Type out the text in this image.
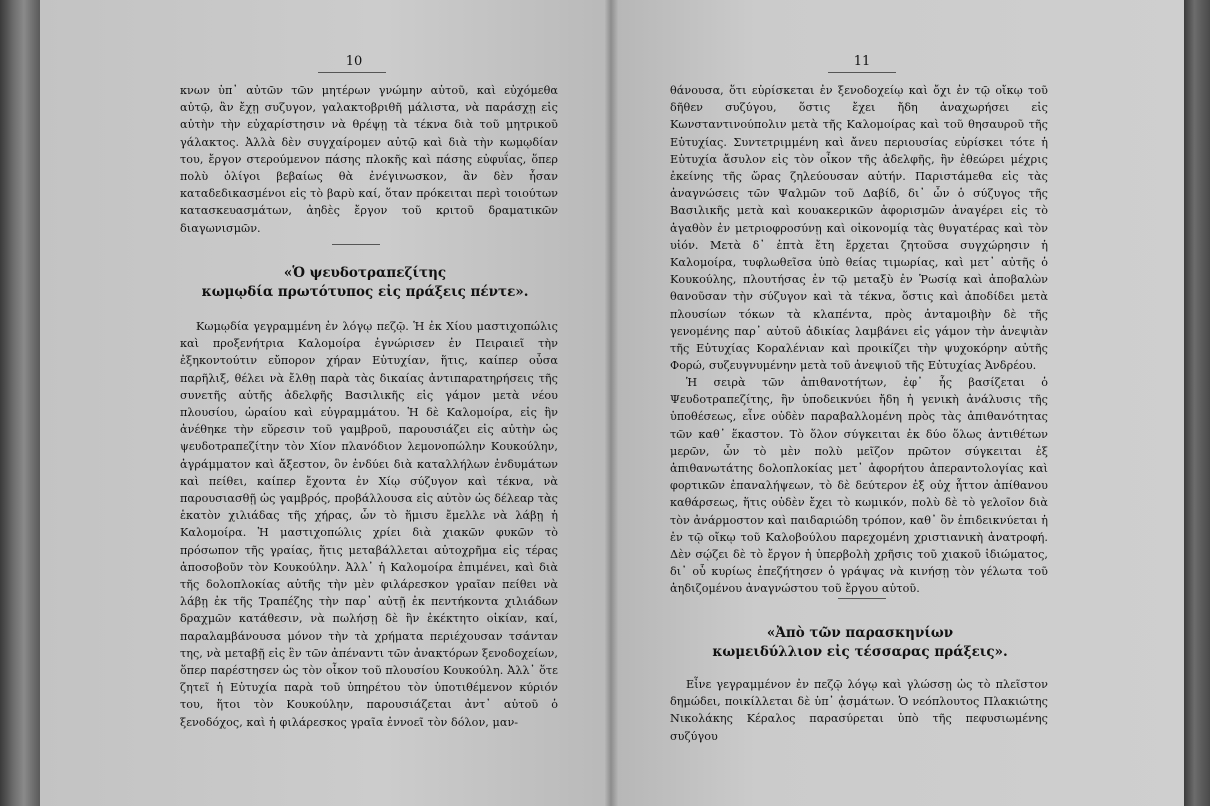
10

κνων ὑπ᾿ αὐτῶν τῶν μητέρων γνώμην αὐτοῦ, καὶ εὐχόμεθα αὐτῷ, ἂν ἔχῃ συζυγον, γαλακτοβριθῆ μάλιστα, νὰ παράσχῃ εἰς αὐτὴν τὴν εὐχαρίστησιν νὰ θρέψῃ τὰ τέκνα διὰ τοῦ μητρικοῦ γάλακτος. Ἀλλὰ δὲν συγχαίρομεν αὐτῷ καὶ διὰ τὴν κωμῳδίαν του, ἔργον στερούμενον πάσης πλοκῆς καὶ πάσης εὐφυΐας, ὅπερ πολὺ ὀλίγοι βεβαίως θὰ ἐνέγινωσκον, ἂν δὲν ἦσαν καταδεδικασμένοι εἰς τὸ βαρὺ καί, ὅταν πρόκειται περὶ τοιούτων κατασκευασμάτων, ἀηδὲς ἔργον τοῦ κριτοῦ δραματικῶν διαγωνισμῶν.

«Ὁ ψευδοτραπεζίτης
κωμῳδία πρωτότυπος εἰς πράξεις πέντε».

Κωμῳδία γεγραμμένη ἐν λόγῳ πεζῷ. Ἡ ἐκ Χίου μαστιχοπώλις καὶ προξενήτρια Καλομοίρα ἐγνώρισεν ἐν Πειραιεῖ τὴν ἐξηκοντούτιν εὔπορον χήραν Εὐτυχίαν, ἥτις, καίπερ οὖσα παρῆλιξ, θέλει νὰ ἔλθῃ παρὰ τὰς δικαίας ἀντιπαρατηρήσεις τῆς συνετῆς αὐτῆς ἀδελφῆς Βασιλικῆς εἰς γάμον μετὰ νέου πλουσίου, ὡραίου καὶ εὐγραμμάτου. Ἡ δὲ Καλομοίρα, εἰς ἣν ἀνέθηκε τὴν εὕρεσιν τοῦ γαμβροῦ, παρουσιάζει εἰς αὐτὴν ὡς ψευδοτραπεζίτην τὸν Χίον πλανόδιον λεμονοπώλην Κουκούλην, ἀγράμματον καὶ ἄξεστον, ὃν ἐνδύει διὰ καταλλήλων ἐνδυμάτων καὶ πείθει, καίπερ ἔχοντα ἐν Χίῳ σύζυγον καὶ τέκνα, νὰ παρουσιασθῇ ὡς γαμβρός, προβάλλουσα εἰς αὐτὸν ὡς δέλεαρ τὰς ἑκατὸν χιλιάδας τῆς χήρας, ὧν τὸ ἥμισυ ἔμελλε νὰ λάβῃ ἡ Καλομοίρα. Ἡ μαστιχοπώλις χρίει διὰ χιακῶν φυκῶν τὸ πρόσωπον τῆς γραίας, ἥτις μεταβάλλεται αὐτοχρῆμα εἰς τέρας ἀποσοβοῦν τὸν Κουκούλην. Ἀλλ᾿ ἡ Καλομοίρα ἐπιμένει, καὶ διὰ τῆς δολοπλοκίας αὐτῆς τὴν μὲν φιλάρεσκον γραῖαν πείθει νὰ λάβῃ ἐκ τῆς Τραπέζης τὴν παρ᾿ αὐτῇ ἐκ πεντήκοντα χιλιάδων δραχμῶν κατάθεσιν, νὰ πωλήσῃ δὲ ἣν ἐκέκτητο οἰκίαν, καί, παραλαμβάνουσα μόνον τὴν τὰ χρήματα περιέχουσαν τσάνταν της, νὰ μεταβῇ εἰς ἓν τῶν ἀπέναντι τῶν ἀνακτόρων ξενοδοχείων, ὅπερ παρέστησεν ὡς τὸν οἶκον τοῦ πλουσίου Κουκούλη. Ἀλλ᾿ ὅτε ζητεῖ ἡ Εὐτυχία παρὰ τοῦ ὑπηρέτου τὸν ὑποτιθέμενον κύριόν του, ἥτοι τὸν Κουκούλην, παρουσιάζεται ἀντ᾿ αὐτοῦ ὁ ξενοδόχος, καὶ ἡ φιλάρεσκος γραῖα ἐννοεῖ τὸν δόλον, μαν-

11

θάνουσα, ὅτι εὑρίσκεται ἐν ξενοδοχείῳ καὶ ὄχι ἐν τῷ οἴκῳ τοῦ δῆθεν συζύγου, ὅστις ἔχει ἤδη ἀναχωρήσει εἰς Κωνσταντινούπολιν μετὰ τῆς Καλομοίρας καὶ τοῦ θησαυροῦ τῆς Εὐτυχίας. Συντετριμμένη καὶ ἄνευ περιουσίας εὑρίσκει τότε ἡ Εὐτυχία ἄσυλον εἰς τὸν οἶκον τῆς ἀδελφῆς, ἣν ἐθεώρει μέχρις ἐκείνης τῆς ὥρας ζηλεύουσαν αὐτήν. Παριστάμεθα εἰς τὰς ἀναγνώσεις τῶν Ψαλμῶν τοῦ Δαβίδ, δι᾿ ὧν ὁ σύζυγος τῆς Βασιλικῆς μετὰ καὶ κουακερικῶν ἀφορισμῶν ἀναγέρει εἰς τὸ ἀγαθὸν ἐν μετριοφροσύνῃ καὶ οἰκονομίᾳ τὰς θυγατέρας καὶ τὸν υἱόν. Μετὰ δ᾿ ἑπτὰ ἔτη ἔρχεται ζητοῦσα συγχώρησιν ἡ Καλομοίρα, τυφλωθεῖσα ὑπὸ θείας τιμωρίας, καὶ μετ᾿ αὐτῆς ὁ Κουκούλης, πλουτήσας ἐν τῷ μεταξὺ ἐν Ῥωσίᾳ καὶ ἀποβαλὼν θανοῦσαν τὴν σύζυγον καὶ τὰ τέκνα, ὅστις καὶ ἀποδίδει μετὰ πλουσίων τόκων τὰ κλαπέντα, πρὸς ἀνταμοιβὴν δὲ τῆς γενομένης παρ᾿ αὐτοῦ ἀδικίας λαμβάνει εἰς γάμον τὴν ἀνεψιὰν τῆς Εὐτυχίας Κοραλένιαν καὶ προικίζει τὴν ψυχοκόρην αὐτῆς Φορώ, συζευγνυμένην μετὰ τοῦ ἀνεψιοῦ τῆς Εὐτυχίας Ἀνδρέου.

Ἡ σειρὰ τῶν ἀπιθανοτήτων, ἐφ᾿ ἧς βασίζεται ὁ Ψευδοτραπεζίτης, ἣν ὑποδεικνύει ἤδη ἡ γενικὴ ἀνάλυσις τῆς ὑποθέσεως, εἶνε οὐδὲν παραβαλλομένη πρὸς τὰς ἀπιθανότητας τῶν καθ᾿ ἕκαστον. Τὸ ὅλον σύγκειται ἐκ δύο ὅλως ἀντιθέτων μερῶν, ὧν τὸ μὲν πολὺ μεῖζον πρῶτον σύγκειται ἐξ ἀπιθανωτάτης δολοπλοκίας μετ᾿ ἀφορήτου ἀπεραντολογίας καὶ φορτικῶν ἐπαναλήψεων, τὸ δὲ δεύτερον ἐξ οὐχ ἧττον ἀπίθανου καθάρσεως, ἥτις οὐδὲν ἔχει τὸ κωμικόν, πολὺ δὲ τὸ γελοῖον διὰ τὸν ἀνάρμοστον καὶ παιδαριώδη τρόπον, καθ᾿ ὃν ἐπιδεικνύεται ἡ ἐν τῷ οἴκῳ τοῦ Καλοβούλου παρεχομένη χριστιανικὴ ἀνατροφή. Δὲν σῴζει δὲ τὸ ἔργον ἡ ὑπερβολὴ χρῆσις τοῦ χιακοῦ ἰδιώματος, δι᾿ οὗ κυρίως ἐπεζήτησεν ὁ γράψας νὰ κινήσῃ τὸν γέλωτα τοῦ ἀηδιζομένου ἀναγνώστου τοῦ ἔργου αὐτοῦ.

«Ἀπὸ τῶν παρασκηνίων
κωμειδύλλιον εἰς τέσσαρας πράξεις».

Εἶνε γεγραμμένον ἐν πεζῷ λόγῳ καὶ γλώσσῃ ὡς τὸ πλεῖστον δημώδει, ποικίλλεται δὲ ὑπ᾿ ᾀσμάτων. Ὁ νεόπλουτος Πλακιώτης Νικολάκης Κέραλος παρασύρεται ὑπὸ τῆς πεφυσιωμένης συζύγου
